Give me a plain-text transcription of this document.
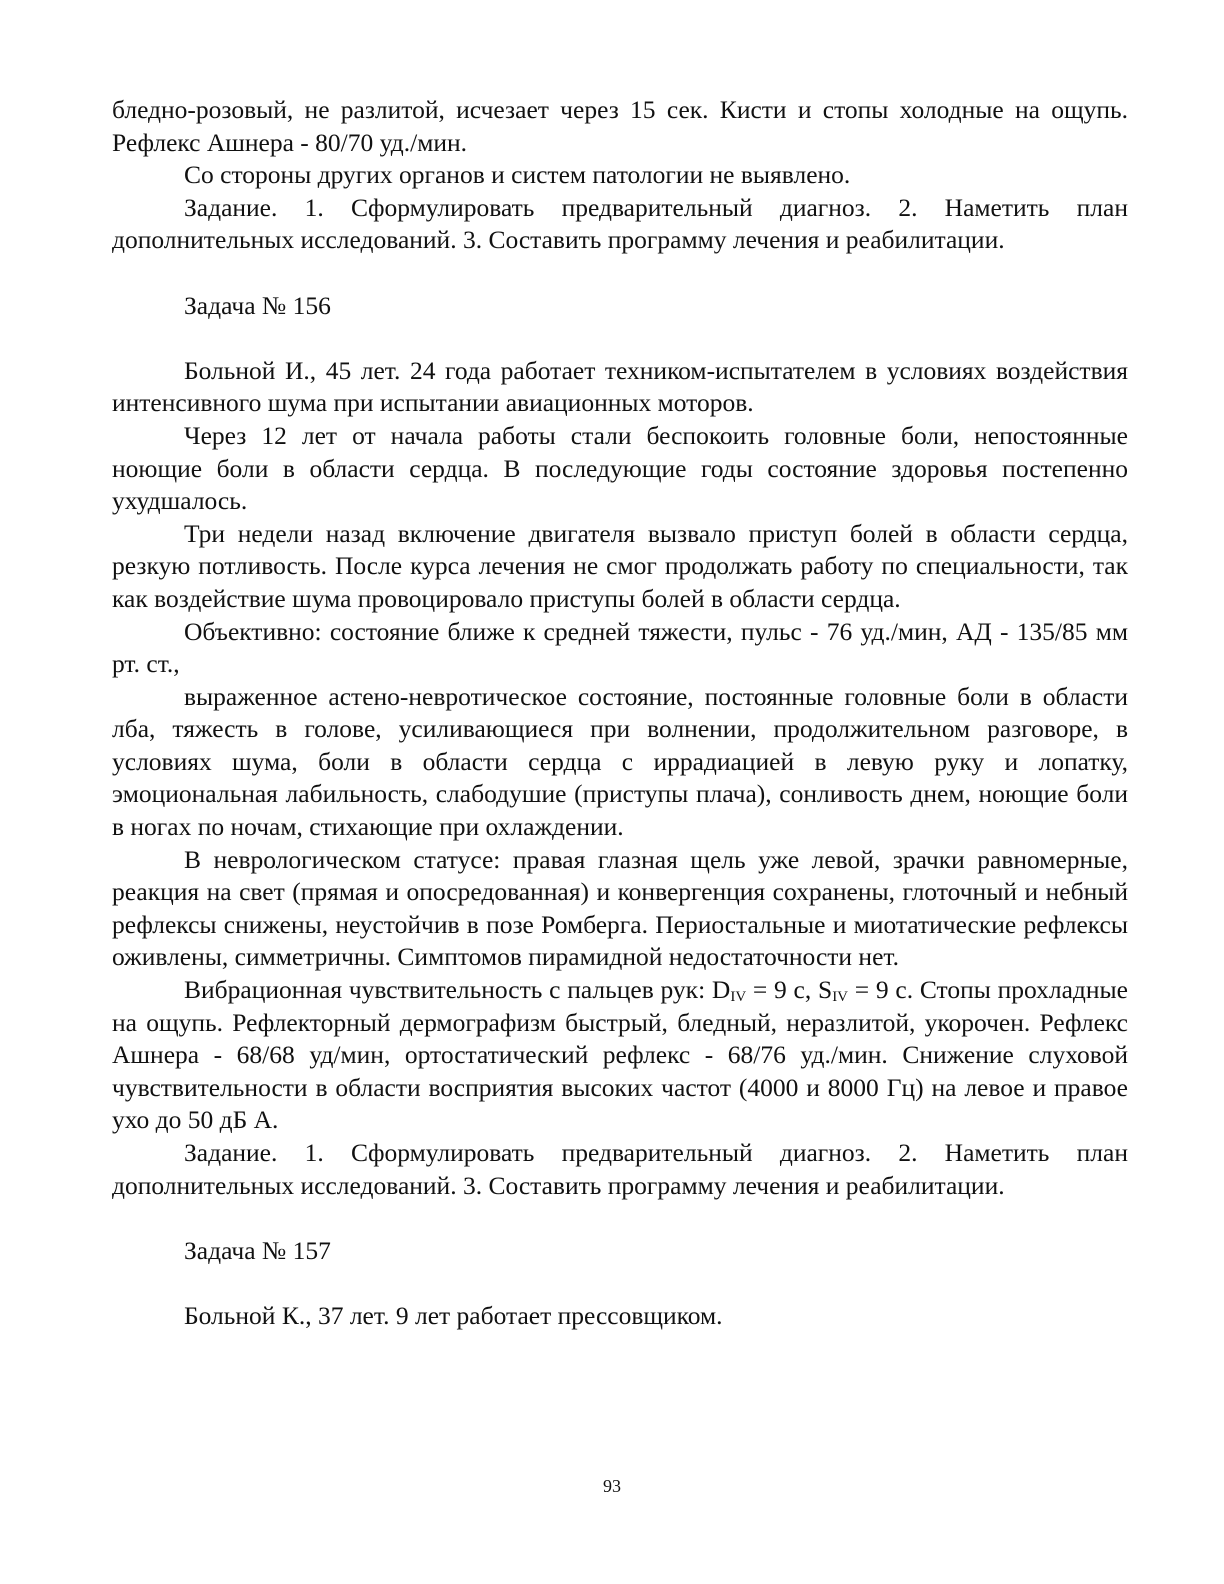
бледно-розовый, не разлитой, исчезает через 15 сек. Кисти и стопы холодные на ощупь. Рефлекс Ашнера - 80/70 уд./мин.

Со стороны других органов и систем патологии не выявлено.

Задание. 1. Сформулировать предварительный диагноз. 2. Наметить план дополнительных исследований. 3. Составить программу лечения и реабилитации.

Задача № 156

Больной И., 45 лет. 24 года работает техником-испытателем в условиях воздействия интенсивного шума при испытании авиационных моторов.

Через 12 лет от начала работы стали беспокоить головные боли, непостоянные ноющие боли в области сердца. В последующие годы состояние здоровья постепенно ухудшалось.

Три недели назад включение двигателя вызвало приступ болей в области сердца, резкую потливость. После курса лечения не смог продолжать работу по специальности, так как воздействие шума провоцировало приступы болей в области сердца.

Объективно: состояние ближе к средней тяжести, пульс - 76 уд./мин, АД - 135/85 мм рт. ст.,

выраженное астено-невротическое состояние, постоянные головные боли в области лба, тяжесть в голове, усиливающиеся при волнении, продолжительном разговоре, в условиях шума, боли в области сердца с иррадиацией в левую руку и лопатку, эмоциональная лабильность, слабодушие (приступы плача), сонливость днем, ноющие боли в ногах по ночам, стихающие при охлаждении.

В неврологическом статусе: правая глазная щель уже левой, зрачки равномерные, реакция на свет (прямая и опосредованная) и конвергенция сохранены, глоточный и небный рефлексы снижены, неустойчив в позе Ромберга. Периостальные и миотатические рефлексы оживлены, симметричны. Симптомов пирамидной недостаточности нет.

Вибрационная чувствительность с пальцев рук: $D_{IV} = 9$ с, $S_{IV} = 9$ с. Стопы прохладные на ощупь. Рефлекторный дермографизм быстрый, бледный, неразлитой, укорочен. Рефлекс Ашнера - 68/68 уд/мин, ортостатический рефлекс - 68/76 уд./мин. Снижение слуховой чувствительности в области восприятия высоких частот (4000 и 8000 Гц) на левое и правое ухо до 50 дБ А.

Задание. 1. Сформулировать предварительный диагноз. 2. Наметить план дополнительных исследований. 3. Составить программу лечения и реабилитации.

Задача № 157

Больной К., 37 лет. 9 лет работает прессовщиком.

93
